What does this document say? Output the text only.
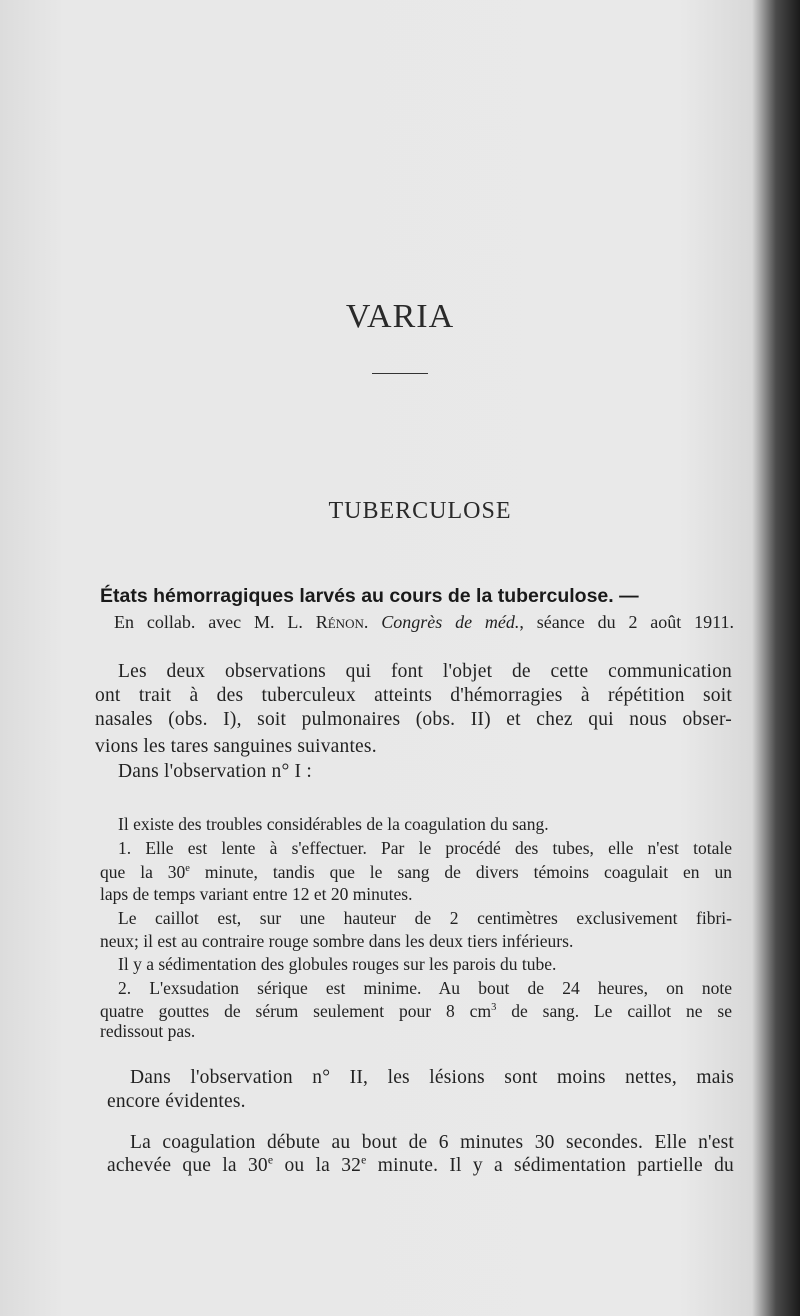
VARIA
TUBERCULOSE
États hémorragiques larvés au cours de la tuberculose. —
En collab. avec M. L. Rénon. Congrès de méd., séance du 2 août 1911.
Les deux observations qui font l'objet de cette communication
ont trait à des tuberculeux atteints d'hémorragies à répétition soit
nasales (obs. I), soit pulmonaires (obs. II) et chez qui nous obser-
vions les tares sanguines suivantes.
Dans l'observation n° I :
Il existe des troubles considérables de la coagulation du sang.
1. Elle est lente à s'effectuer. Par le procédé des tubes, elle n'est totale
que la 30e minute, tandis que le sang de divers témoins coagulait en un
laps de temps variant entre 12 et 20 minutes.
Le caillot est, sur une hauteur de 2 centimètres exclusivement fibri-
neux; il est au contraire rouge sombre dans les deux tiers inférieurs.
Il y a sédimentation des globules rouges sur les parois du tube.
2. L'exsudation sérique est minime. Au bout de 24 heures, on note
quatre gouttes de sérum seulement pour 8 $cm^3$ de sang. Le caillot ne se
redissout pas.
Dans l'observation n° II, les lésions sont moins nettes, mais
encore évidentes.
La coagulation débute au bout de 6 minutes 30 secondes. Elle n'est
achevée que la 30e ou la 32e minute. Il y a sédimentation partielle du
